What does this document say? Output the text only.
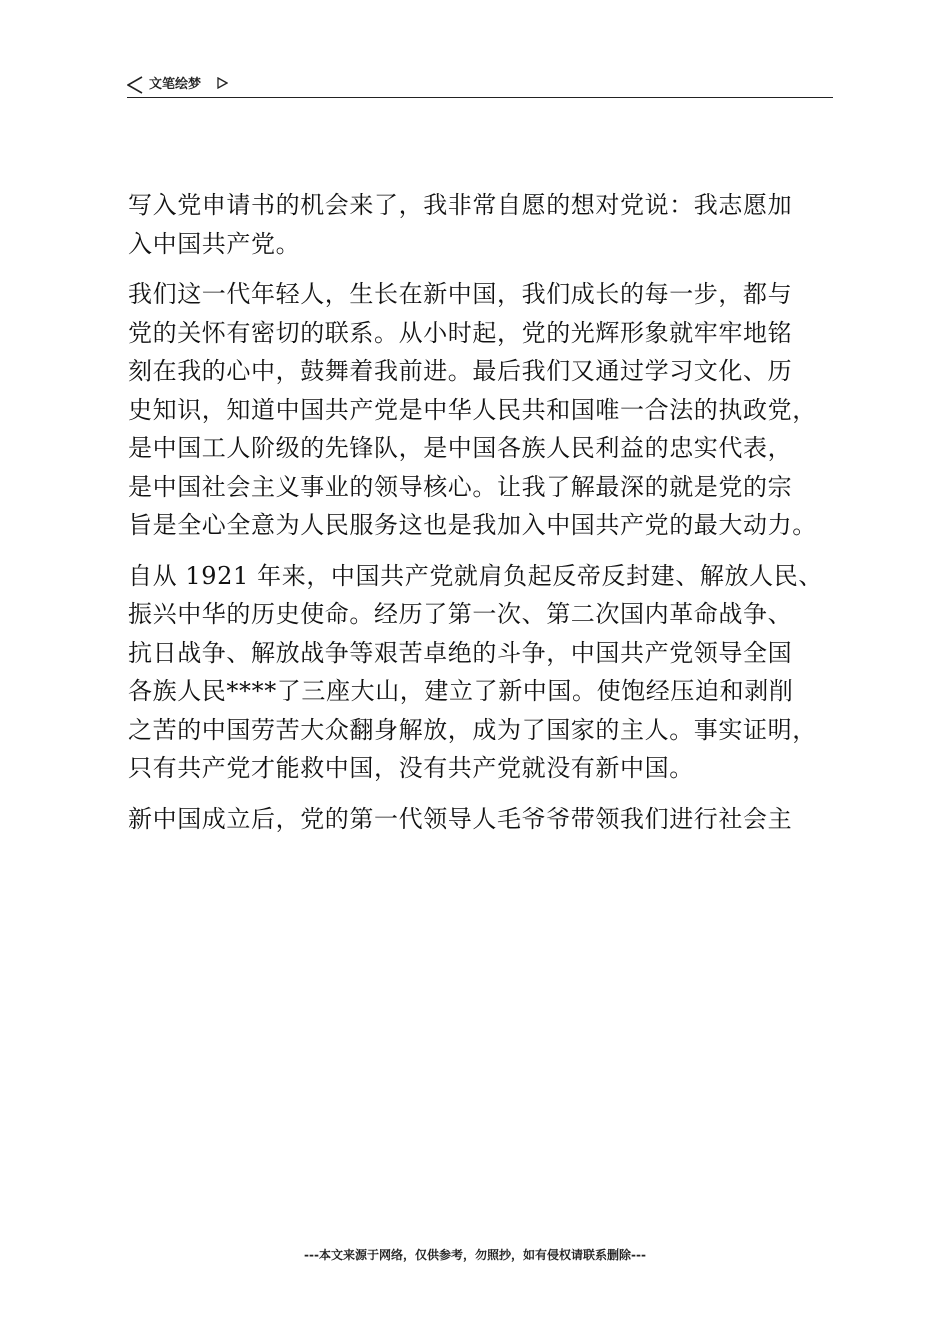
文笔绘梦

写入党申请书的机会来了，我非常自愿的想对党说：我志愿加
入中国共产党。

我们这一代年轻人，生长在新中国，我们成长的每一步，都与
党的关怀有密切的联系。从小时起，党的光辉形象就牢牢地铭
刻在我的心中，鼓舞着我前进。最后我们又通过学习文化、历
史知识，知道中国共产党是中华人民共和国唯一合法的执政党，
是中国工人阶级的先锋队，是中国各族人民利益的忠实代表，
是中国社会主义事业的领导核心。让我了解最深的就是党的宗
旨是全心全意为人民服务这也是我加入中国共产党的最大动力。

自从 1921 年来，中国共产党就肩负起反帝反封建、解放人民、
振兴中华的历史使命。经历了第一次、第二次国内革命战争、
抗日战争、解放战争等艰苦卓绝的斗争，中国共产党领导全国
各族人民****了三座大山，建立了新中国。使饱经压迫和剥削
之苦的中国劳苦大众翻身解放，成为了国家的主人。事实证明，
只有共产党才能救中国，没有共产党就没有新中国。

新中国成立后，党的第一代领导人毛爷爷带领我们进行社会主

---本文来源于网络，仅供参考，勿照抄，如有侵权请联系删除---
